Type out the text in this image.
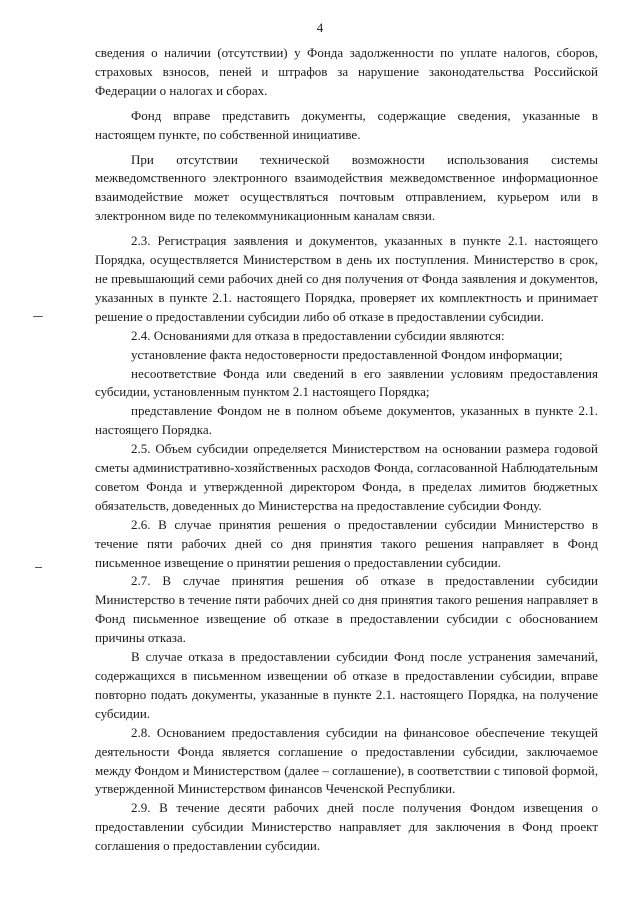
4

сведения о наличии (отсутствии) у Фонда задолженности по уплате налогов, сборов, страховых взносов, пеней и штрафов за нарушение законодательства Российской Федерации о налогах и сборах.

Фонд вправе представить документы, содержащие сведения, указанные в настоящем пункте, по собственной инициативе.

При отсутствии технической возможности использования системы межведомственного электронного взаимодействия межведомственное информационное взаимодействие может осуществляться почтовым отправлением, курьером или в электронном виде по телекоммуникационным каналам связи.

2.3. Регистрация заявления и документов, указанных в пункте 2.1. настоящего Порядка, осуществляется Министерством в день их поступления. Министерство в срок, не превышающий семи рабочих дней со дня получения от Фонда заявления и документов, указанных в пункте 2.1. настоящего Порядка, проверяет их комплектность и принимает решение о предоставлении субсидии либо об отказе в предоставлении субсидии.

2.4. Основаниями для отказа в предоставлении субсидии являются:

установление факта недостоверности предоставленной Фондом информации;

несоответствие Фонда или сведений в его заявлении условиям предоставления субсидии, установленным пунктом 2.1 настоящего Порядка;

представление Фондом не в полном объеме документов, указанных в пункте 2.1. настоящего Порядка.

2.5. Объем субсидии определяется Министерством на основании размера годовой сметы административно-хозяйственных расходов Фонда, согласованной Наблюдательным советом Фонда и утвержденной директором Фонда, в пределах лимитов бюджетных обязательств, доведенных до Министерства на предоставление субсидии Фонду.

2.6. В случае принятия решения о предоставлении субсидии Министерство в течение пяти рабочих дней со дня принятия такого решения направляет в Фонд письменное извещение о принятии решения о предоставлении субсидии.

2.7. В случае принятия решения об отказе в предоставлении субсидии Министерство в течение пяти рабочих дней со дня принятия такого решения направляет в Фонд письменное извещение об отказе в предоставлении субсидии с обоснованием причины отказа.

В случае отказа в предоставлении субсидии Фонд после устранения замечаний, содержащихся в письменном извещении об отказе в предоставлении субсидии, вправе повторно подать документы, указанные в пункте 2.1. настоящего Порядка, на получение субсидии.

2.8. Основанием предоставления субсидии на финансовое обеспечение текущей деятельности Фонда является соглашение о предоставлении субсидии, заключаемое между Фондом и Министерством (далее – соглашение), в соответствии с типовой формой, утвержденной Министерством финансов Чеченской Республики.

2.9. В течение десяти рабочих дней после получения Фондом извещения о предоставлении субсидии Министерство направляет для заключения в Фонд проект соглашения о предоставлении субсидии.
